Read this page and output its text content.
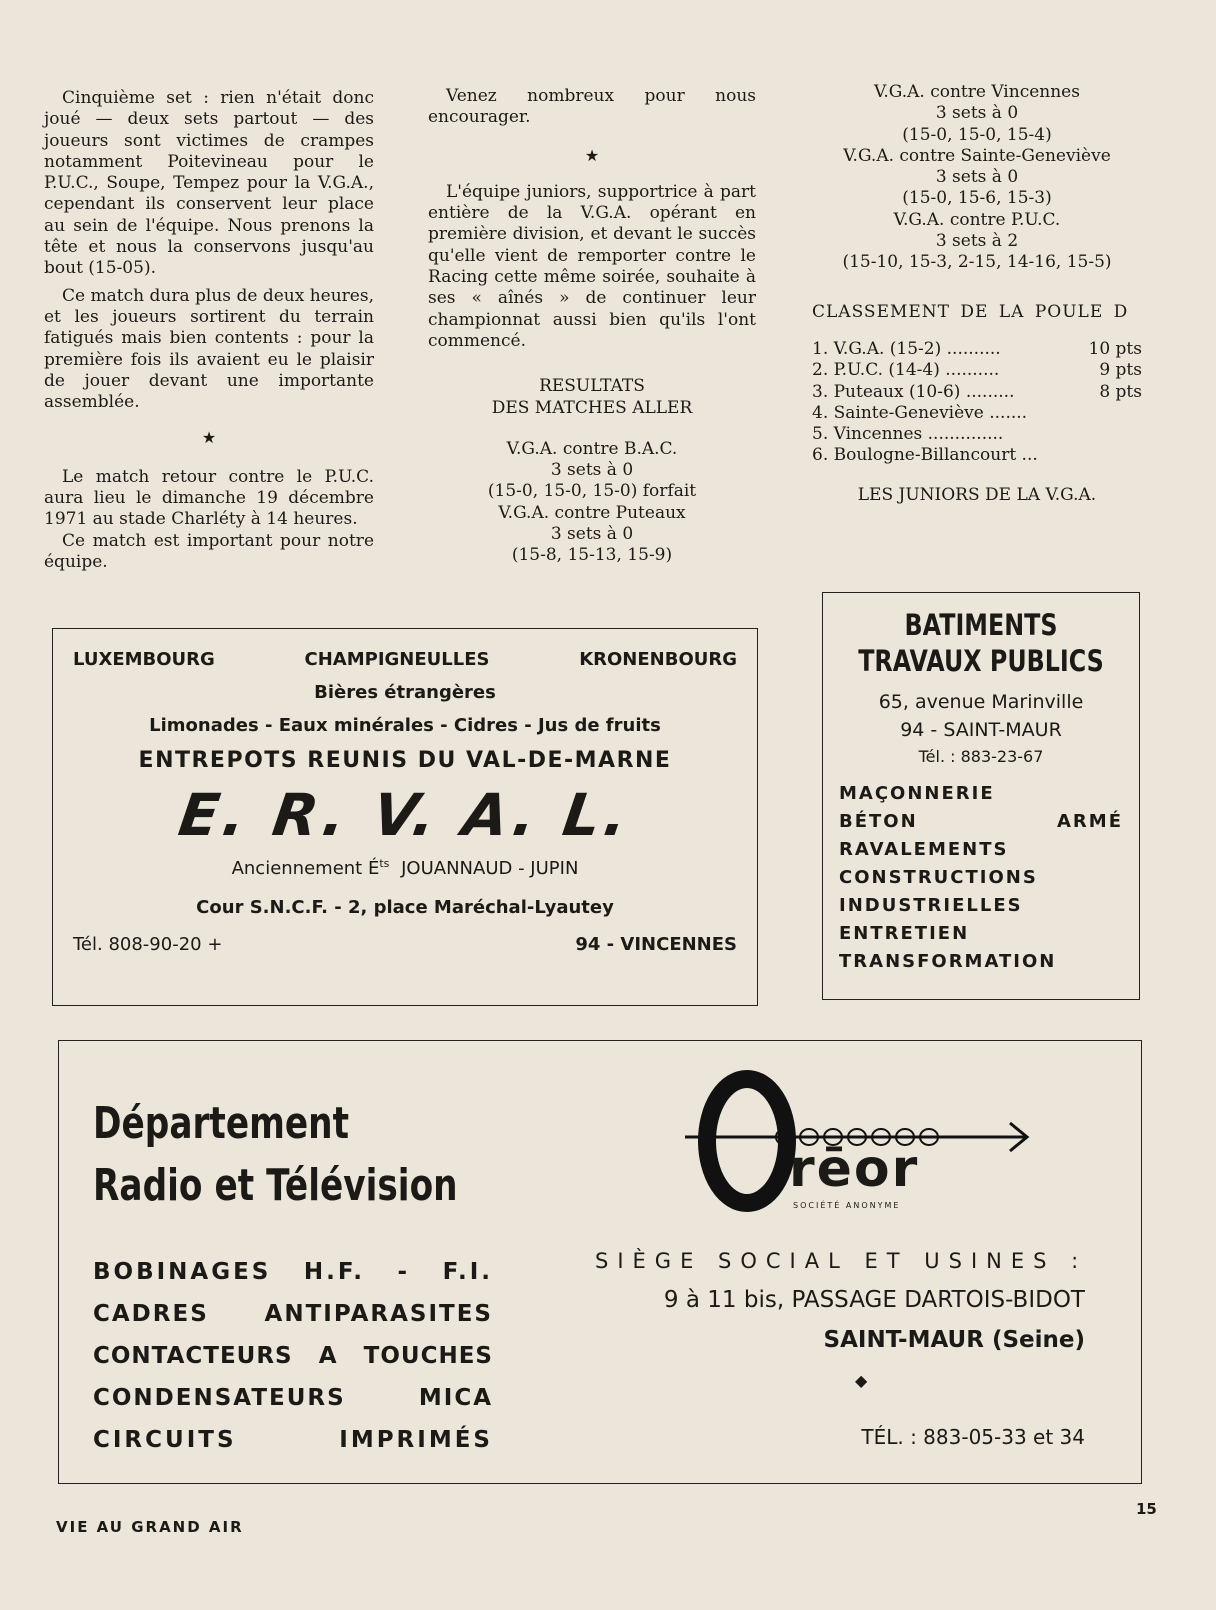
Cinquième set : rien n'était donc joué — deux sets partout — des joueurs sont victimes de crampes notamment Poitevineau pour le P.U.C., Soupe, Tempez pour la V.G.A., cependant ils conservent leur place au sein de l'équipe. Nous prenons la tête et nous la conservons jusqu'au bout (15-05).

Ce match dura plus de deux heures, et les joueurs sortirent du terrain fatigués mais bien contents : pour la première fois ils avaient eu le plaisir de jouer devant une importante assemblée.

★

Le match retour contre le P.U.C. aura lieu le dimanche 19 décembre 1971 au stade Charléty à 14 heures.

Ce match est important pour notre équipe.

Venez nombreux pour nous encourager.

★

L'équipe juniors, supportrice à part entière de la V.G.A. opérant en première division, et devant le succès qu'elle vient de remporter contre le Racing cette même soirée, souhaite à ses « aînés » de continuer leur championnat aussi bien qu'ils l'ont commencé.

RESULTATS
DES MATCHES ALLER
V.G.A. contre B.A.C.
3 sets à 0
(15-0, 15-0, 15-0) forfait
V.G.A. contre Puteaux
3 sets à 0
(15-8, 15-13, 15-9)
V.G.A. contre Vincennes
3 sets à 0
(15-0, 15-0, 15-4)
V.G.A. contre Sainte-Geneviève
3 sets à 0
(15-0, 15-6, 15-3)
V.G.A. contre P.U.C.
3 sets à 2
(15-10, 15-3, 2-15, 14-16, 15-5)
CLASSEMENT DE LA POULE D
1. V.G.A. (15-2) ..........	10 pts
2. P.U.C. (14-4) ..........	9 pts
3. Puteaux (10-6) .........	8 pts
4. Sainte-Geneviève .......
5. Vincennes ..............
6. Boulogne-Billancourt ...
LES JUNIORS DE LA V.G.A.
LUXEMBOURG	CHAMPIGNEULLES	KRONENBOURG
Bières étrangères
Limonades - Eaux minérales - Cidres - Jus de fruits
ENTREPOTS REUNIS DU VAL-DE-MARNE
E. R. V. A. L.
Anciennement $É^{ts}$ JOUANNAUD - JUPIN
Cour S.N.C.F. - 2, place Maréchal-Lyautey
Tél. 808-90-20 +	94 - VINCENNES
BATIMENTS
TRAVAUX PUBLICS
65, avenue Marinville
94 - SAINT-MAUR
Tél. : 883-23-67
MAÇONNERIE
BÉTON ARMÉ
RAVALEMENTS
CONSTRUCTIONS
INDUSTRIELLES
ENTRETIEN
TRANSFORMATION
Département
Radio et Télévision
BOBINAGES H.F. - F.I.
CADRES ANTIPARASITES
CONTACTEURS A TOUCHES
CONDENSATEURS MICA
CIRCUITS IMPRIMÉS
rēor
SOCIÉTÉ ANONYME
SIÈGE SOCIAL ET USINES :
9 à 11 bis, PASSAGE DARTOIS-BIDOT
SAINT-MAUR (Seine)
◆
TÉL. : 883-05-33 et 34
VIE AU GRAND AIR
15
